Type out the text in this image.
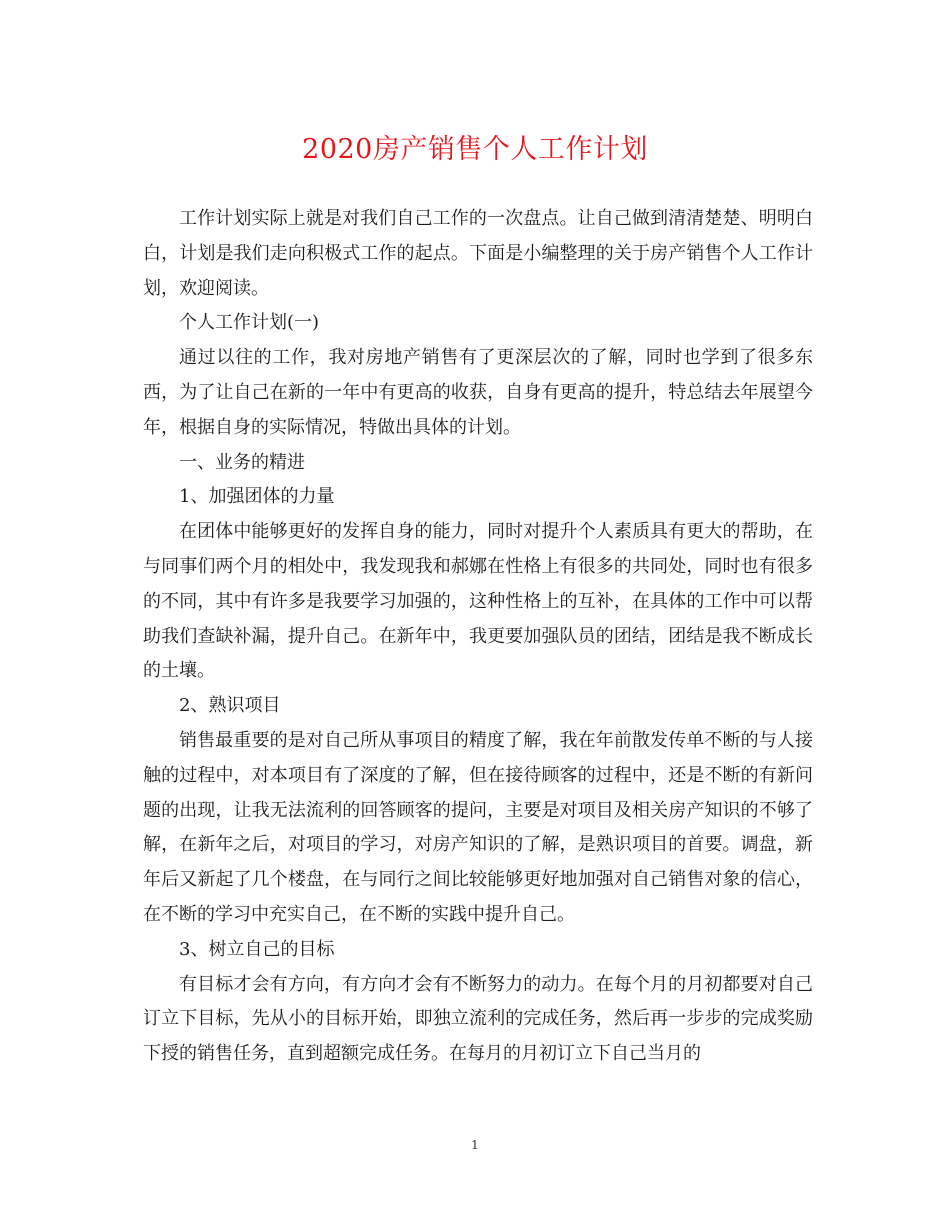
2020房产销售个人工作计划

工作计划实际上就是对我们自己工作的一次盘点。让自己做到清清楚楚、明明白白，计划是我们走向积极式工作的起点。下面是小编整理的关于房产销售个人工作计划，欢迎阅读。

个人工作计划(一)

通过以往的工作，我对房地产销售有了更深层次的了解，同时也学到了很多东西，为了让自己在新的一年中有更高的收获，自身有更高的提升，特总结去年展望今年，根据自身的实际情况，特做出具体的计划。

一、业务的精进

1、加强团体的力量

在团体中能够更好的发挥自身的能力，同时对提升个人素质具有更大的帮助，在与同事们两个月的相处中，我发现我和郝娜在性格上有很多的共同处，同时也有很多的不同，其中有许多是我要学习加强的，这种性格上的互补，在具体的工作中可以帮助我们查缺补漏，提升自己。在新年中，我更要加强队员的团结，团结是我不断成长的土壤。

2、熟识项目

销售最重要的是对自己所从事项目的精度了解，我在年前散发传单不断的与人接触的过程中，对本项目有了深度的了解，但在接待顾客的过程中，还是不断的有新问题的出现，让我无法流利的回答顾客的提问，主要是对项目及相关房产知识的不够了解，在新年之后，对项目的学习，对房产知识的了解，是熟识项目的首要。调盘，新年后又新起了几个楼盘，在与同行之间比较能够更好地加强对自己销售对象的信心，在不断的学习中充实自己，在不断的实践中提升自己。

3、树立自己的目标

有目标才会有方向，有方向才会有不断努力的动力。在每个月的月初都要对自己订立下目标，先从小的目标开始，即独立流利的完成任务，然后再一步步的完成奖励下授的销售任务，直到超额完成任务。在每月的月初订立下自己当月的

1
